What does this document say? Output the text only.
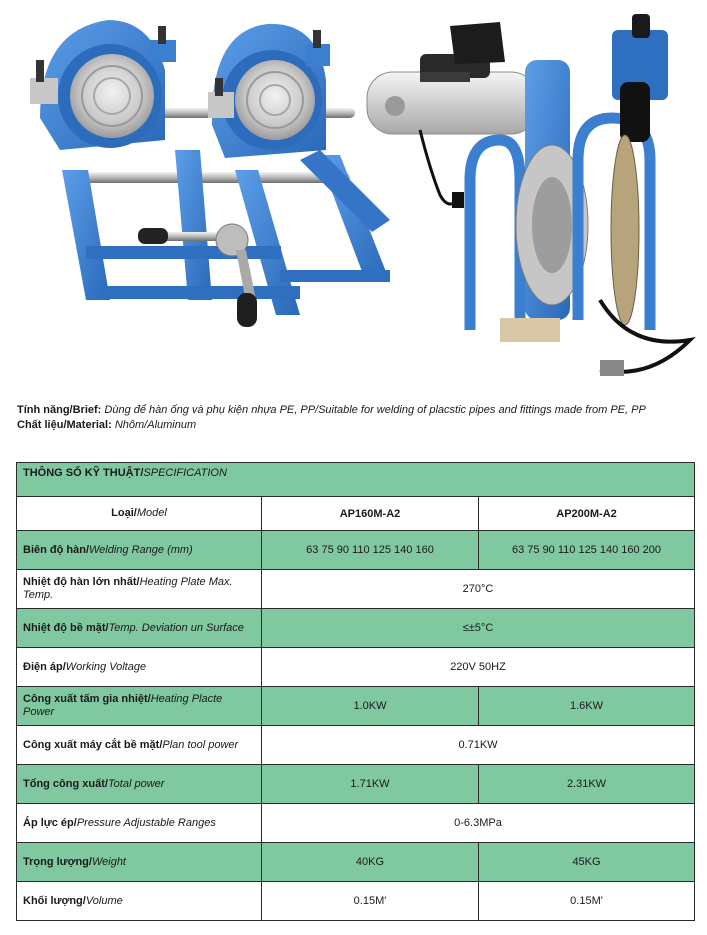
Tính năng/Brief: Dùng để hàn ống và phụ kiện nhựa PE, PP/Suitable for welding of placstic pipes and fittings made from PE, PP
Chất liệu/Material: Nhôm/Aluminum
THÔNG SỐ KỸ THUẬT/SPECIFICATION		
Loại/Model	AP160M-A2	AP200M-A2
Biên độ hàn/Welding Range (mm)	63 75 90 110 125 140 160	63 75 90 110 125 140 160 200
Nhiệt độ hàn lớn nhất/Heating Plate Max. Temp.	270°C	
Nhiệt độ bề mặt/Temp. Deviation un Surface	≤±5°C	
Điện áp/Working Voltage	220V 50HZ	
Công xuất tấm gia nhiệt/Heating Placte Power	1.0KW	1.6KW
Công xuất máy cắt bề mặt/Plan tool power	0.71KW	
Tổng công xuất/Total power	1.71KW	2.31KW
Áp lực ép/Pressure Adjustable Ranges	0-6.3MPa	
Trọng lượng/Weight	40KG	45KG
Khối lượng/Volume	0.15M'	0.15M'
